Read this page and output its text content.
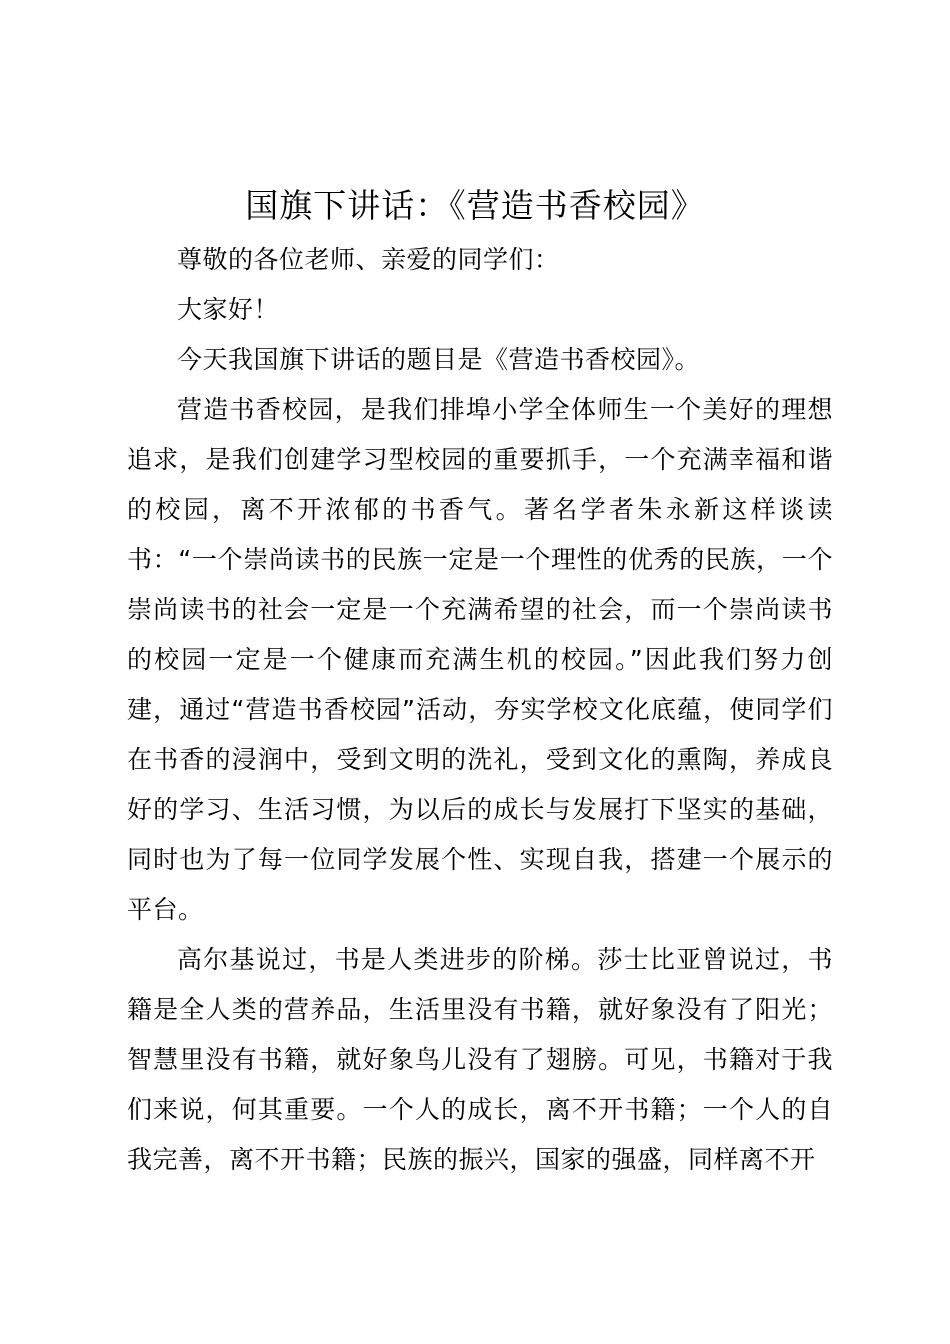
国旗下讲话：《营造书香校园》

尊敬的各位老师、亲爱的同学们：

大家好！

今天我国旗下讲话的题目是《营造书香校园》。

营造书香校园，是我们排埠小学全体师生一个美好的理想追求，是我们创建学习型校园的重要抓手，一个充满幸福和谐的校园，离不开浓郁的书香气。著名学者朱永新这样谈读书：“一个崇尚读书的民族一定是一个理性的优秀的民族，一个崇尚读书的社会一定是一个充满希望的社会，而一个崇尚读书的校园一定是一个健康而充满生机的校园。”因此我们努力创建，通过“营造书香校园”活动，夯实学校文化底蕴，使同学们在书香的浸润中，受到文明的洗礼，受到文化的熏陶，养成良好的学习、生活习惯，为以后的成长与发展打下坚实的基础，同时也为了每一位同学发展个性、实现自我，搭建一个展示的平台。

高尔基说过，书是人类进步的阶梯。莎士比亚曾说过，书籍是全人类的营养品，生活里没有书籍，就好象没有了阳光；智慧里没有书籍，就好象鸟儿没有了翅膀。可见，书籍对于我们来说，何其重要。一个人的成长，离不开书籍；一个人的自我完善，离不开书籍；民族的振兴，国家的强盛，同样离不开
